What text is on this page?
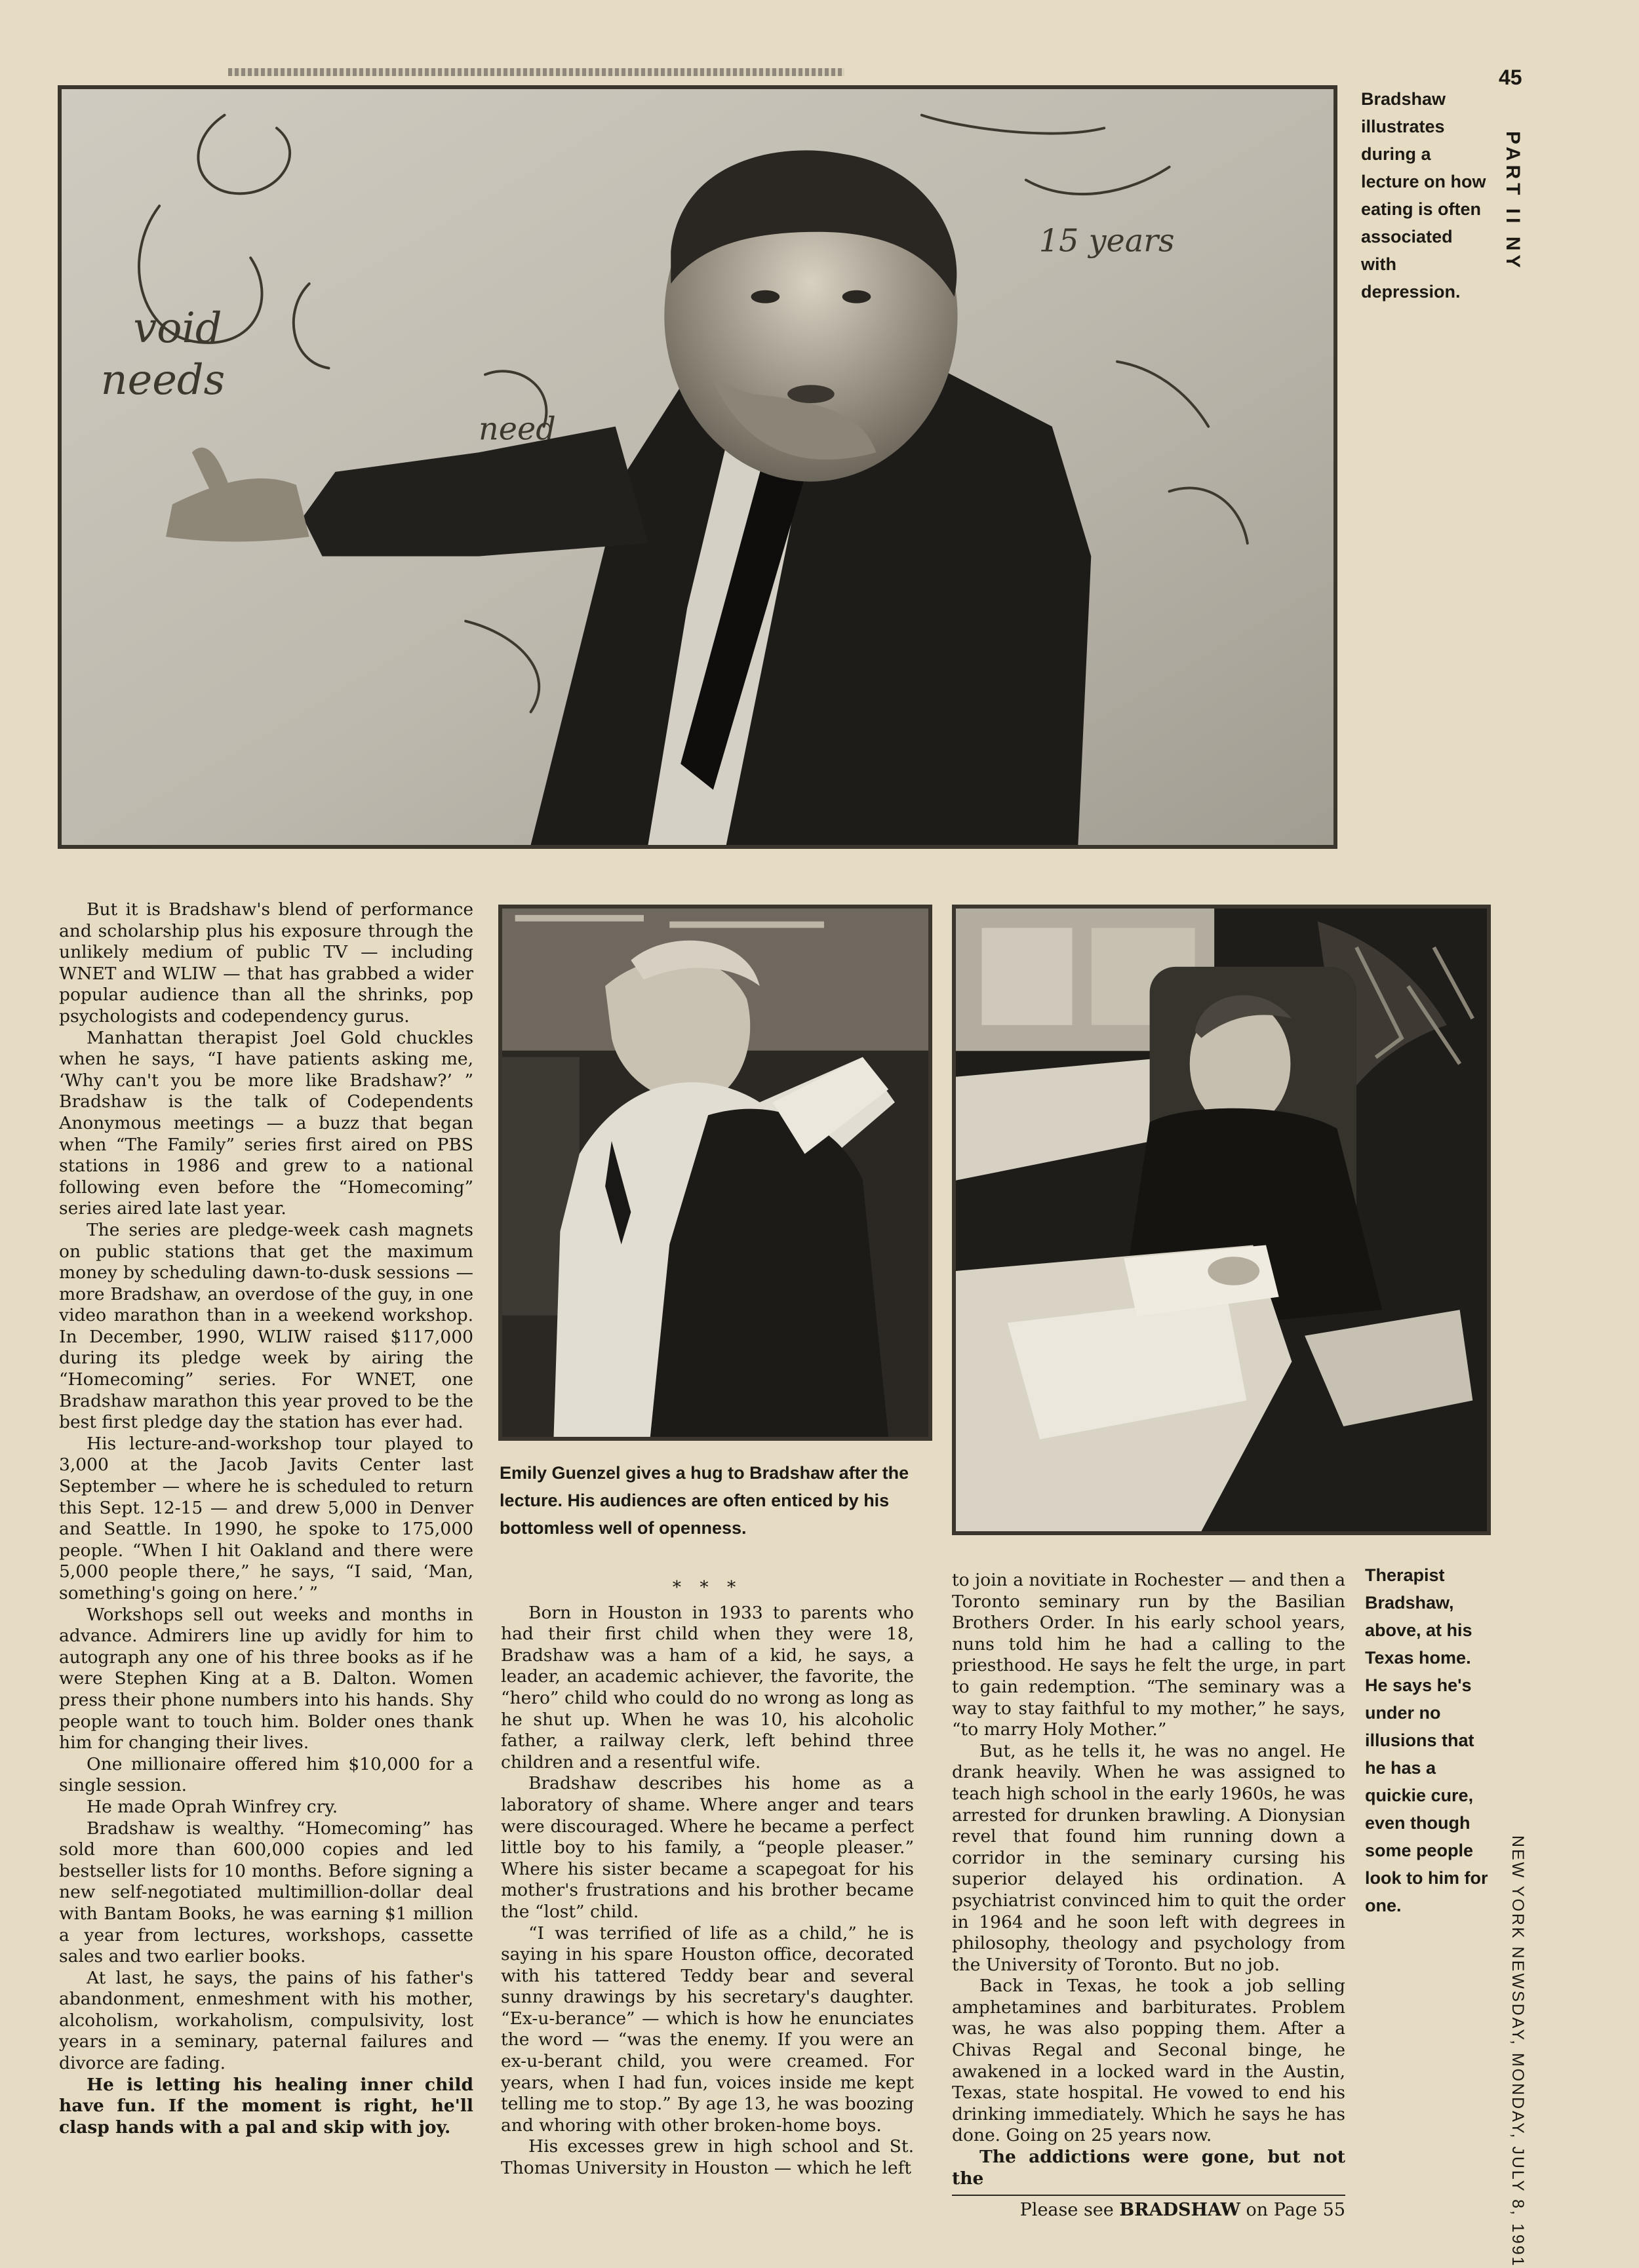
45
PART II NY
NEW YORK NEWSDAY, MONDAY, JULY 8, 1991
void
needs
need
15 years

Bradshaw illustrates during a lecture on how eating is often associated with depression.

Emily Guenzel gives a hug to Bradshaw after the lecture. His audiences are often enticed by his bottomless well of openness.

Therapist Bradshaw, above, at his Texas home. He says he's under no illusions that he has a quickie cure, even though some people look to him for one.

But it is Bradshaw's blend of performance and scholarship plus his exposure through the unlikely medium of public TV — including WNET and WLIW — that has grabbed a wider popular audience than all the shrinks, pop psychologists and codependency gurus.

Manhattan therapist Joel Gold chuckles when he says, “I have patients asking me, ‘Why can't you be more like Bradshaw?’ ” Bradshaw is the talk of Codependents Anonymous meetings — a buzz that began when “The Family” series first aired on PBS stations in 1986 and grew to a national following even before the “Homecoming” series aired late last year.

The series are pledge-week cash magnets on public stations that get the maximum money by scheduling dawn-to-dusk sessions — more Bradshaw, an overdose of the guy, in one video marathon than in a weekend workshop. In December, 1990, WLIW raised $117,000 during its pledge week by airing the “Homecoming” series. For WNET, one Bradshaw marathon this year proved to be the best first pledge day the station has ever had.

His lecture-and-workshop tour played to 3,000 at the Jacob Javits Center last September — where he is scheduled to return this Sept. 12-15 — and drew 5,000 in Denver and Seattle. In 1990, he spoke to 175,000 people. “When I hit Oakland and there were 5,000 people there,” he says, “I said, ‘Man, something's going on here.’ ”

Workshops sell out weeks and months in advance. Admirers line up avidly for him to autograph any one of his three books as if he were Stephen King at a B. Dalton. Women press their phone numbers into his hands. Shy people want to touch him. Bolder ones thank him for changing their lives.

One millionaire offered him $10,000 for a single session.

He made Oprah Winfrey cry.

Bradshaw is wealthy. “Homecoming” has sold more than 600,000 copies and led bestseller lists for 10 months. Before signing a new self-negotiated multimillion-dollar deal with Bantam Books, he was earning $1 million a year from lectures, workshops, cassette sales and two earlier books.

At last, he says, the pains of his father's abandonment, enmeshment with his mother, alcoholism, workaholism, compulsivity, lost years in a seminary, paternal failures and divorce are fading.

He is letting his healing inner child have fun. If the moment is right, he'll clasp hands with a pal and skip with joy.

* * *

Born in Houston in 1933 to parents who had their first child when they were 18, Bradshaw was a ham of a kid, he says, a leader, an academic achiever, the favorite, the “hero” child who could do no wrong as long as he shut up. When he was 10, his alcoholic father, a railway clerk, left behind three children and a resentful wife.

Bradshaw describes his home as a laboratory of shame. Where anger and tears were discouraged. Where he became a perfect little boy to his family, a “people pleaser.” Where his sister became a scapegoat for his mother's frustrations and his brother became the “lost” child.

“I was terrified of life as a child,” he is saying in his spare Houston office, decorated with his tattered Teddy bear and several sunny drawings by his secretary's daughter. “Ex-u-berance” — which is how he enunciates the word — “was the enemy. If you were an ex-u-berant child, you were creamed. For years, when I had fun, voices inside me kept telling me to stop.” By age 13, he was boozing and whoring with other broken-home boys.

His excesses grew in high school and St. Thomas University in Houston — which he left

to join a novitiate in Rochester — and then a Toronto seminary run by the Basilian Brothers Order. In his early school years, nuns told him he had a calling to the priesthood. He says he felt the urge, in part to gain redemption. “The seminary was a way to stay faithful to my mother,” he says, “to marry Holy Mother.”

But, as he tells it, he was no angel. He drank heavily. When he was assigned to teach high school in the early 1960s, he was arrested for drunken brawling. A Dionysian revel that found him running down a corridor in the seminary cursing his superior delayed his ordination. A psychiatrist convinced him to quit the order in 1964 and he soon left with degrees in philosophy, theology and psychology from the University of Toronto. But no job.

Back in Texas, he took a job selling amphetamines and barbiturates. Problem was, he was also popping them. After a Chivas Regal and Seconal binge, he awakened in a locked ward in the Austin, Texas, state hospital. He vowed to end his drinking immediately. Which he says he has done. Going on 25 years now.

The addictions were gone, but not the

Please see BRADSHAW on Page 55
